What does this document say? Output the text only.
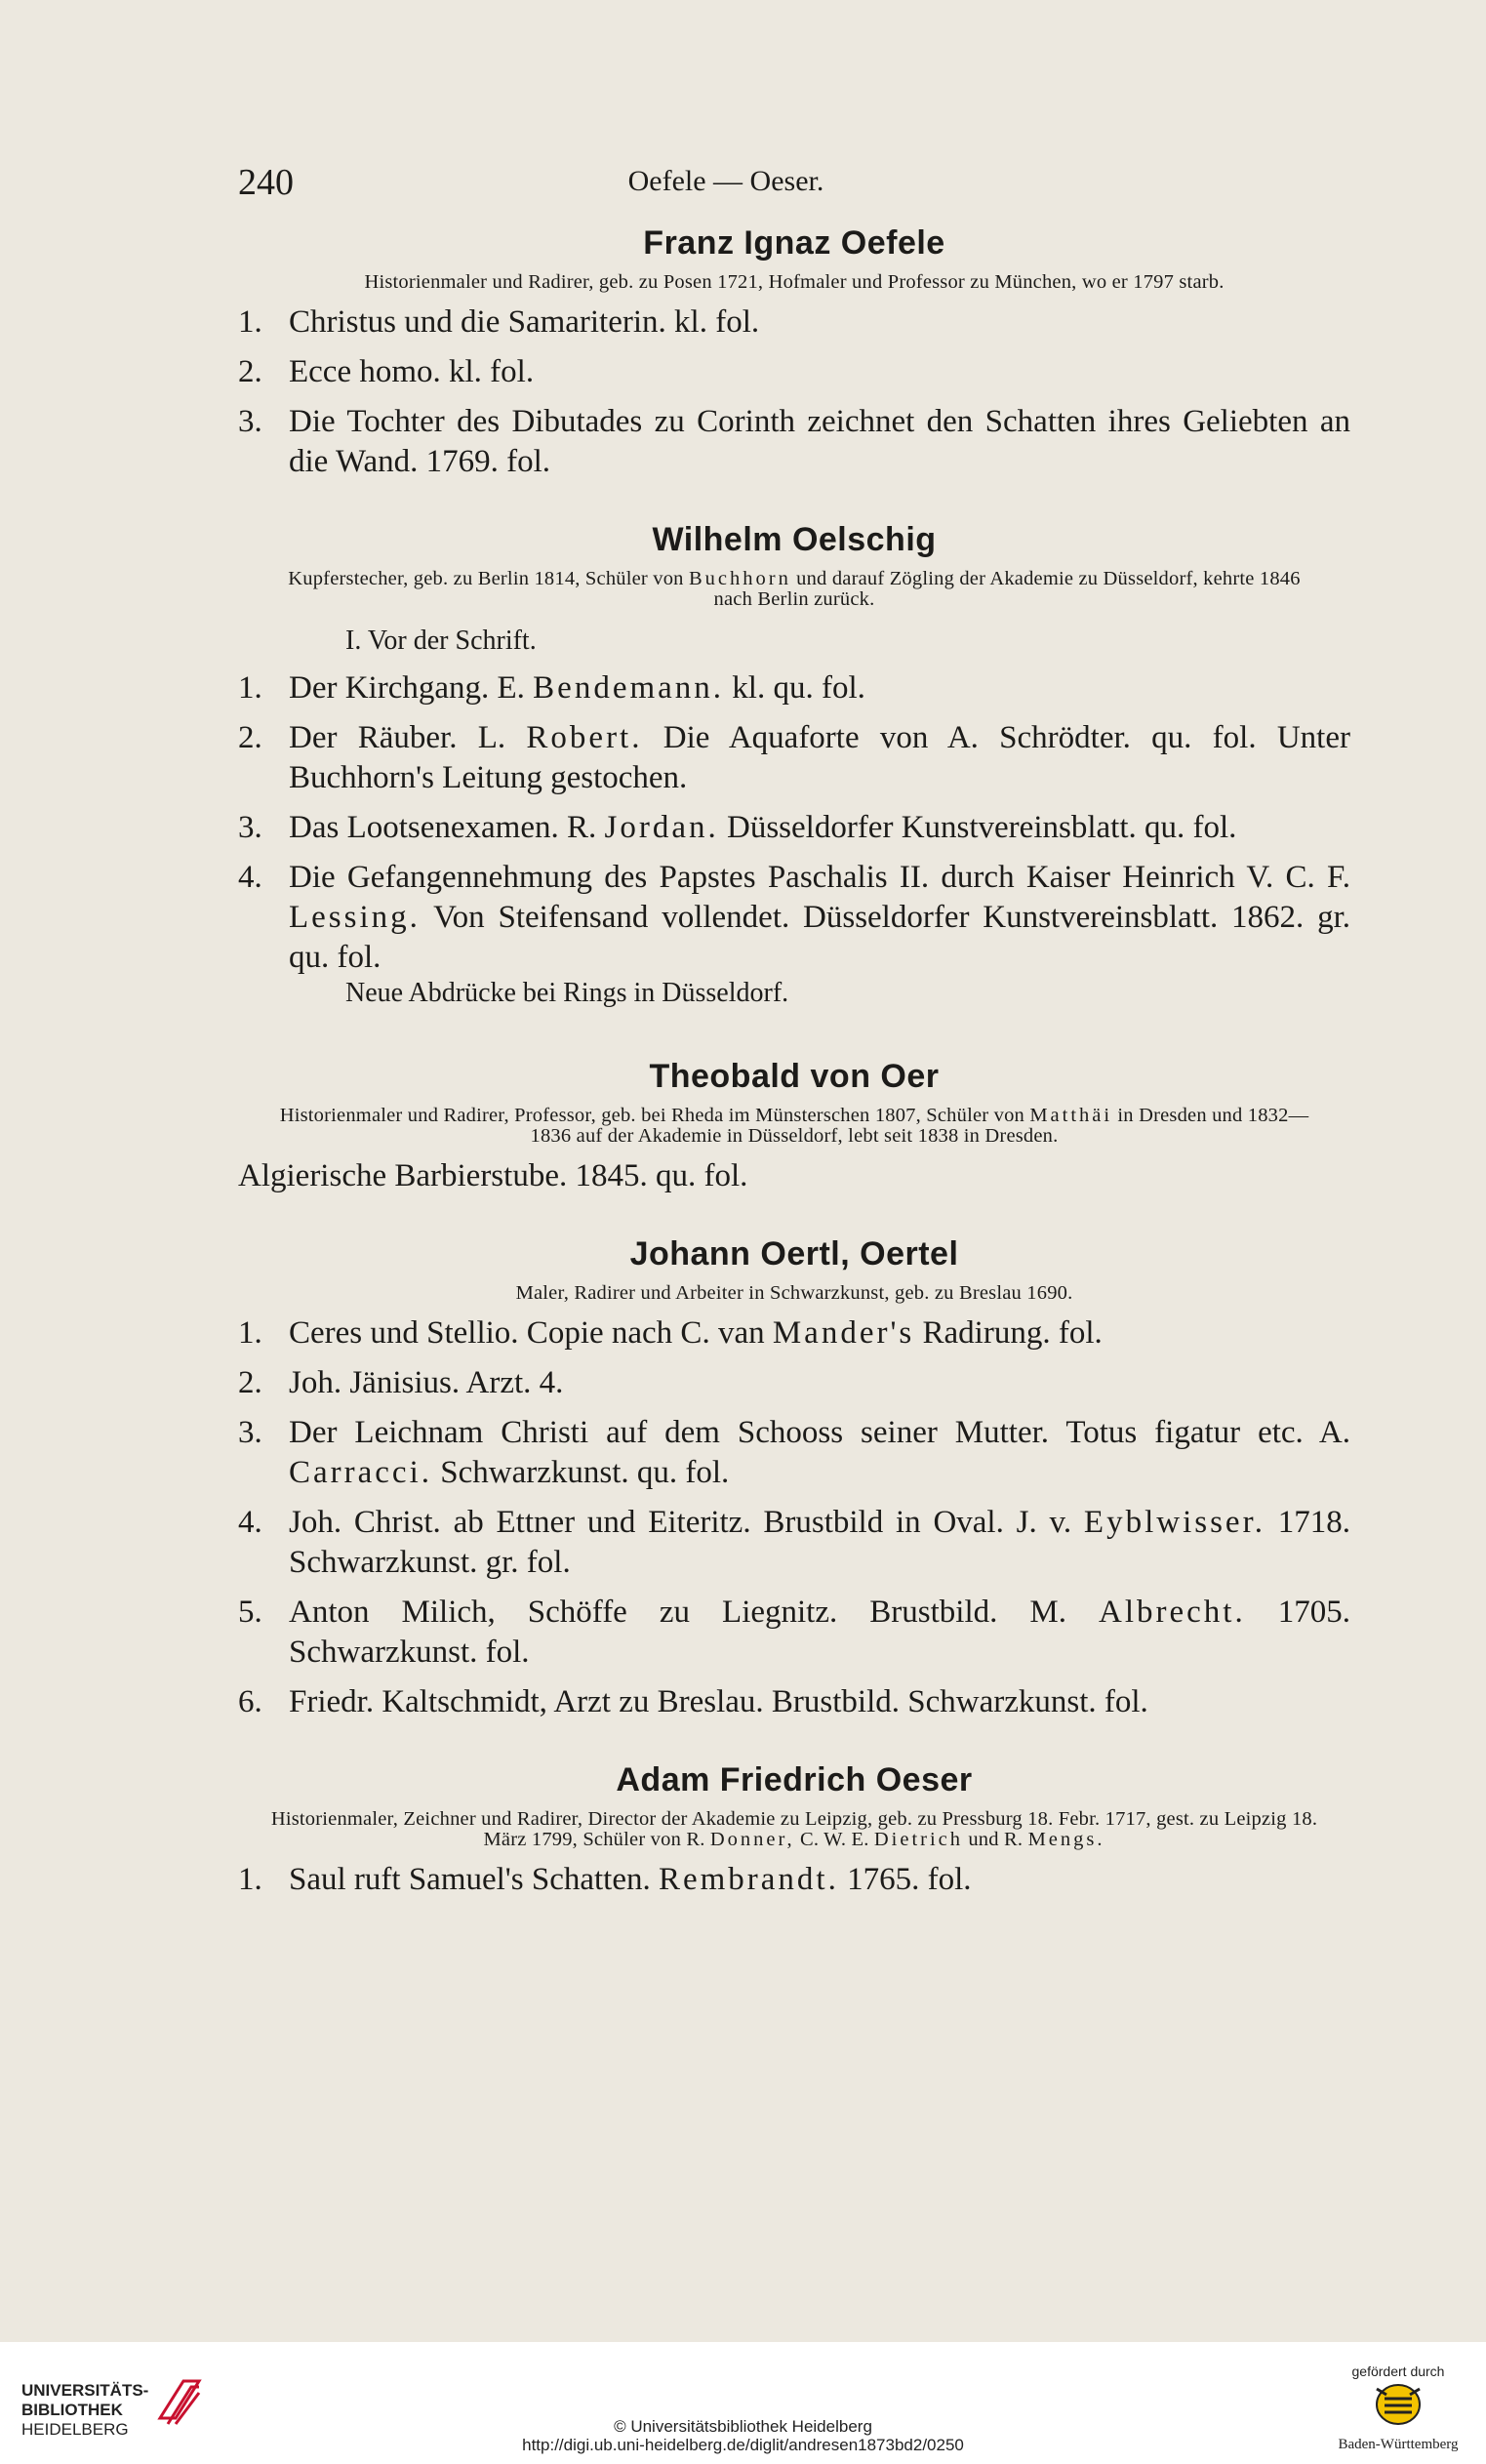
240	Oefele — Oeser.
Franz Ignaz Oefele

Historienmaler und Radirer, geb. zu Posen 1721, Hofmaler und Professor zu München, wo er 1797 starb.

1. Christus und die Samariterin. kl. fol.
2. Ecce homo. kl. fol.
3. Die Tochter des Dibutades zu Corinth zeichnet den Schatten ihres Geliebten an die Wand. 1769. fol.
Wilhelm Oelschig

Kupferstecher, geb. zu Berlin 1814, Schüler von Buchhorn und darauf Zögling der Akademie zu Düsseldorf, kehrte 1846 nach Berlin zurück.

I. Vor der Schrift.
1. Der Kirchgang. E. Bendemann. kl. qu. fol.
2. Der Räuber. L. Robert. Die Aquaforte von A. Schrödter. qu. fol. Unter Buchhorn's Leitung gestochen.
3. Das Lootsenexamen. R. Jordan. Düsseldorfer Kunstvereinsblatt. qu. fol.
4. Die Gefangennehmung des Papstes Paschalis II. durch Kaiser Heinrich V. C. F. Lessing. Von Steifensand vollendet. Düsseldorfer Kunstvereinsblatt. 1862. gr. qu. fol.
Neue Abdrücke bei Rings in Düsseldorf.
Theobald von Oer

Historienmaler und Radirer, Professor, geb. bei Rheda im Münsterschen 1807, Schüler von Matthäi in Dresden und 1832—1836 auf der Akademie in Düsseldorf, lebt seit 1838 in Dresden.

Algierische Barbierstube. 1845. qu. fol.
Johann Oertl, Oertel

Maler, Radirer und Arbeiter in Schwarzkunst, geb. zu Breslau 1690.

1. Ceres und Stellio. Copie nach C. van Mander's Radirung. fol.
2. Joh. Jänisius. Arzt. 4.
3. Der Leichnam Christi auf dem Schooss seiner Mutter. Totus figatur etc. A. Carracci. Schwarzkunst. qu. fol.
4. Joh. Christ. ab Ettner und Eiteritz. Brustbild in Oval. J. v. Eyblwisser. 1718. Schwarzkunst. gr. fol.
5. Anton Milich, Schöffe zu Liegnitz. Brustbild. M. Albrecht. 1705. Schwarzkunst. fol.
6. Friedr. Kaltschmidt, Arzt zu Breslau. Brustbild. Schwarzkunst. fol.
Adam Friedrich Oeser

Historienmaler, Zeichner und Radirer, Director der Akademie zu Leipzig, geb. zu Pressburg 18. Febr. 1717, gest. zu Leipzig 18. März 1799, Schüler von R. Donner, C. W. E. Dietrich und R. Mengs.

1. Saul ruft Samuel's Schatten. Rembrandt. 1765. fol.
UNIVERSITÄTS-
BIBLIOTHEK
HEIDELBERG	© Universitätsbibliothek Heidelberg
http://digi.ub.uni-heidelberg.de/diglit/andresen1873bd2/0250
gefördert durch
Baden-Württemberg
